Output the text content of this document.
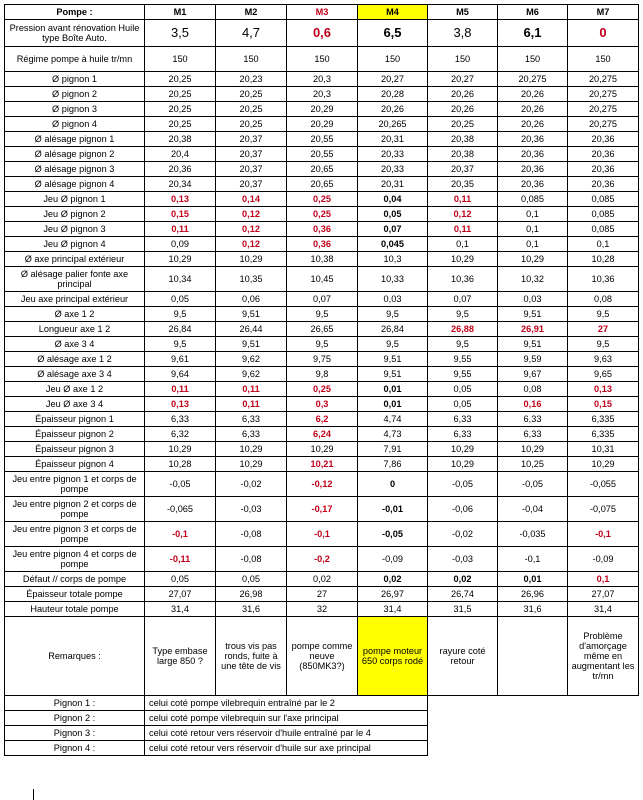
Pompe :	M1	M2	M3	M4	M5	M6	M7
Pression avant rénovation Huile type Boîte Auto.	3,5	4,7	0,6	6,5	3,8	6,1	0
Régime pompe à huile tr/mn	150	150	150	150	150	150	150
Ø pignon 1	20,25	20,23	20,3	20,27	20,27	20,275	20,275
Ø pignon 2	20,25	20,25	20,3	20,28	20,26	20,26	20,275
Ø pignon 3	20,25	20,25	20,29	20,26	20,26	20,26	20,275
Ø pignon 4	20,25	20,25	20,29	20,265	20,25	20,26	20,275
Ø alésage pignon 1	20,38	20,37	20,55	20,31	20,38	20,36	20,36
Ø alésage pignon 2	20,4	20,37	20,55	20,33	20,38	20,36	20,36
Ø alésage pignon 3	20,36	20,37	20,65	20,33	20,37	20,36	20,36
Ø alésage pignon 4	20,34	20,37	20,65	20,31	20,35	20,36	20,36
Jeu Ø pignon 1	0,13	0,14	0,25	0,04	0,11	0,085	0,085
Jeu Ø pignon 2	0,15	0,12	0,25	0,05	0,12	0,1	0,085
Jeu Ø pignon 3	0,11	0,12	0,36	0,07	0,11	0,1	0,085
Jeu Ø pignon 4	0,09	0,12	0,36	0,045	0,1	0,1	0,1
Ø axe principal extérieur	10,29	10,29	10,38	10,3	10,29	10,29	10,28
Ø alésage palier fonte axe principal	10,34	10,35	10,45	10,33	10,36	10,32	10,36
Jeu axe principal extérieur	0,05	0,06	0,07	0,03	0,07	0,03	0,08
Ø axe 1 2	9,5	9,51	9,5	9,5	9,5	9,51	9,5
Longueur axe 1 2	26,84	26,44	26,65	26,84	26,88	26,91	27
Ø axe 3 4	9,5	9,51	9,5	9,5	9,5	9,51	9,5
Ø alésage axe 1 2	9,61	9,62	9,75	9,51	9,55	9,59	9,63
Ø alésage axe 3 4	9,64	9,62	9,8	9,51	9,55	9,67	9,65
Jeu Ø axe 1 2	0,11	0,11	0,25	0,01	0,05	0,08	0,13
Jeu Ø axe 3 4	0,13	0,11	0,3	0,01	0,05	0,16	0,15
Épaisseur pignon 1	6,33	6,33	6,2	4,74	6,33	6,33	6,335
Épaisseur pignon 2	6,32	6,33	6,24	4,73	6,33	6,33	6,335
Épaisseur pignon 3	10,29	10,29	10,29	7,91	10,29	10,29	10,31
Épaisseur pignon 4	10,28	10,29	10,21	7,86	10,29	10,25	10,29
Jeu entre pignon 1 et corps de pompe	-0,05	-0,02	-0,12	0	-0,05	-0,05	-0,055
Jeu entre pignon 2 et corps de pompe	-0,065	-0,03	-0,17	-0,01	-0,06	-0,04	-0,075
Jeu entre pignon 3 et corps de pompe	-0,1	-0,08	-0,1	-0,05	-0,02	-0,035	-0,1
Jeu entre pignon 4 et corps de pompe	-0,11	-0,08	-0,2	-0,09	-0,03	-0,1	-0,09
Défaut // corps de pompe	0,05	0,05	0,02	0,02	0,02	0,01	0,1
Épaisseur totale pompe	27,07	26,98	27	26,97	26,74	26,96	27,07
Hauteur totale pompe	31,4	31,6	32	31,4	31,5	31,6	31,4
Remarques :	Type embase large 850 ?	trous vis pas ronds, fuite à une tête de vis	pompe comme neuve (850MK3?)	pompe moteur 650 corps rodé	rayure coté retour		Problème d'amorçage même en augmentant les tr/mn
Pignon 1 :	celui coté pompe vilebrequin entraîné par le 2						
Pignon 2 :	celui coté pompe vilebrequin sur l'axe principal						
Pignon 3 :	celui coté retour vers réservoir d'huile entraîné par le 4						
Pignon 4 :	celui coté retour vers réservoir d'huile sur axe principal						
